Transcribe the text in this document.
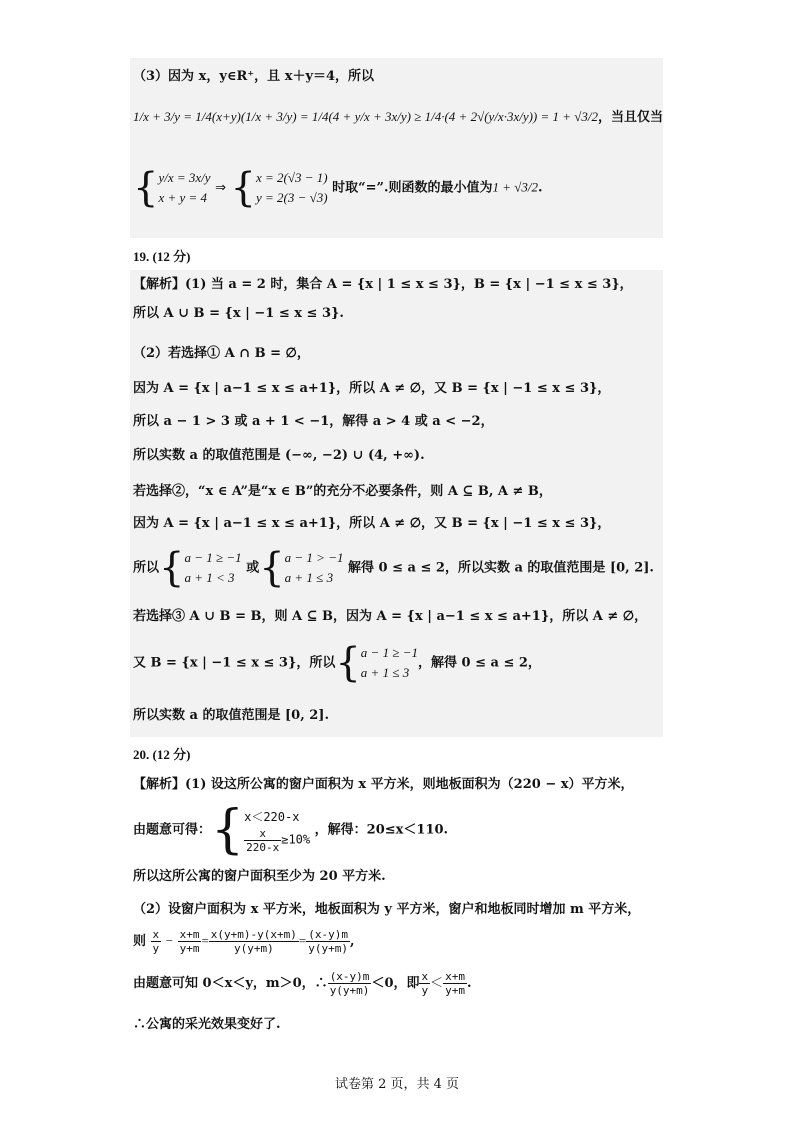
（3）因为 x，y∈R⁺，且 x＋y＝4，所以
1/x + 3/y = 1/4(x+y)(1/x + 3/y) = 1/4(4 + y/x + 3x/y) ≥ 1/4·(4 + 2√(y/x·3x/y)) = 1 + √3/2，当且仅当
{ y/x = 3x/y
x + y = 4
⇒ { x = 2(√3 − 1)
y = 2(3 − √3)
时取“=”.则函数的最小值为1 + √3/2.
19. (12 分)
【解析】(1) 当 a = 2 时，集合 A = {x | 1 ≤ x ≤ 3}，B = {x | −1 ≤ x ≤ 3}，
所以 A ∪ B = {x | −1 ≤ x ≤ 3}.
（2）若选择① A ∩ B = ∅，
因为 A = {x | a−1 ≤ x ≤ a+1}，所以 A ≠ ∅，又 B = {x | −1 ≤ x ≤ 3}，
所以 a − 1 > 3 或 a + 1 < −1，解得 a > 4 或 a < −2，
所以实数 a 的取值范围是 (−∞, −2) ∪ (4, +∞).
若选择②，“x ∈ A”是“x ∈ B”的充分不必要条件，则 A ⊆ B, A ≠ B，
因为 A = {x | a−1 ≤ x ≤ a+1}，所以 A ≠ ∅，又 B = {x | −1 ≤ x ≤ 3}，
所以{ a − 1 ≥ −1
a + 1 < 3
或{ a − 1 > −1
a + 1 ≤ 3
解得 0 ≤ a ≤ 2，所以实数 a 的取值范围是 [0, 2].
若选择③ A ∪ B = B，则 A ⊆ B，因为 A = {x | a−1 ≤ x ≤ a+1}，所以 A ≠ ∅，
又 B = {x | −1 ≤ x ≤ 3}，所以{ a − 1 ≥ −1
a + 1 ≤ 3
，解得 0 ≤ a ≤ 2，
所以实数 a 的取值范围是 [0, 2].
20. (12 分)
【解析】(1) 设这所公寓的窗户面积为 x 平方米，则地板面积为（220 − x）平方米，
由题意可得：{ x＜220-x
$\frac{x}{220-x} \ge 10\%$
，解得：20≤x＜110.
所以这所公寓的窗户面积至少为 20 平方米.
（2）设窗户面积为 x 平方米，地板面积为 y 平方米，窗户和地板同时增加 m 平方米，
则 $\frac{x}{y} - \frac{x+m}{y+m} = \frac{x(y+m)-y(x+m)}{y(y+m)} = \frac{(x-y)m}{y(y+m)}$ ,
由题意可知 0＜x＜y，m＞0，∴ $\frac{(x-y)m}{y(y+m)} <0$，即 $\frac{x}{y} < \frac{x+m}{y+m}$ .
∴公寓的采光效果变好了.
试卷第 2 页，共 4 页
